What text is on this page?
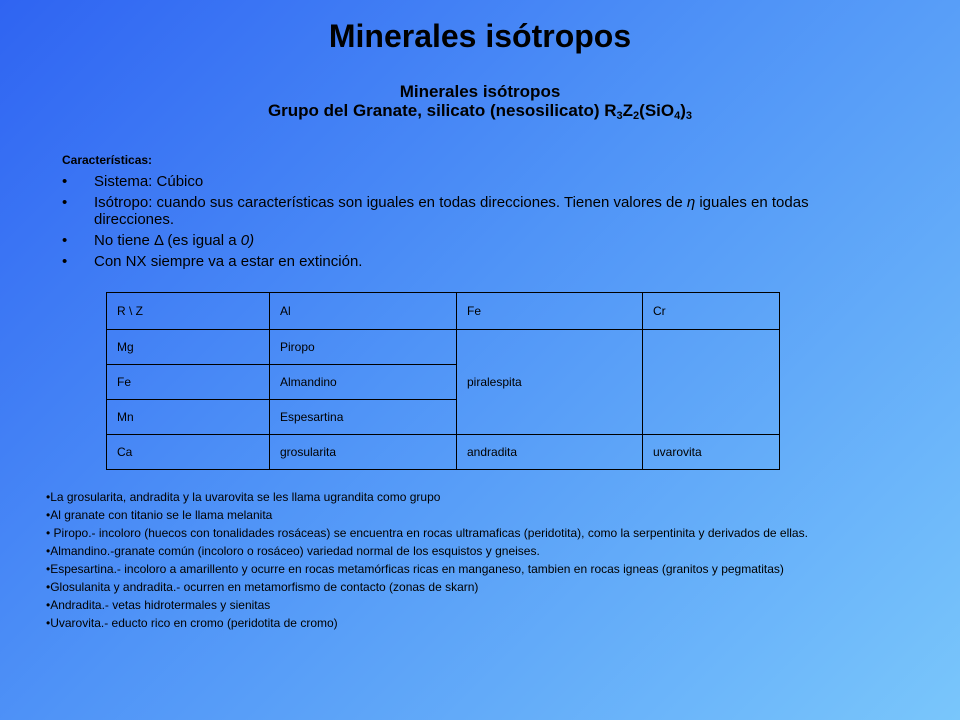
Minerales isótropos
Minerales isótropos
Grupo del Granate, silicato (nesosilicato) $R_3Z_2(SiO_4)_3$
Características:
• Sistema: Cúbico
• Isótropo: cuando sus características son iguales en todas direcciones. Tienen valores de η iguales en todas direcciones.
• No tiene Δ (es igual a 0)
• Con NX siempre va a estar en extinción.
R \ Z	Al	Fe	Cr
Mg	Piropo	piralespita	
Fe	Almandino		
Mn	Espesartina		
Ca	grosularita	andradita	uvarovita
• La grosularita, andradita y la uvarovita se les llama ugrandita como grupo
• Al granate con titanio se le llama melanita
• Piropo.- incoloro (huecos con tonalidades rosáceas) se encuentra en rocas ultramaficas (peridotita), como la serpentinita y derivados de ellas.
• Almandino.-granate común (incoloro o rosáceo) variedad normal de los esquistos y gneises.
• Espesartina.- incoloro a amarillento y ocurre en rocas metamórficas ricas en manganeso, tambien en rocas igneas (granitos y pegmatitas)
• Glosulanita y andradita.- ocurren en metamorfismo de contacto (zonas de skarn)
• Andradita.- vetas hidrotermales y sienitas
• Uvarovita.- educto rico en cromo (peridotita de cromo)
